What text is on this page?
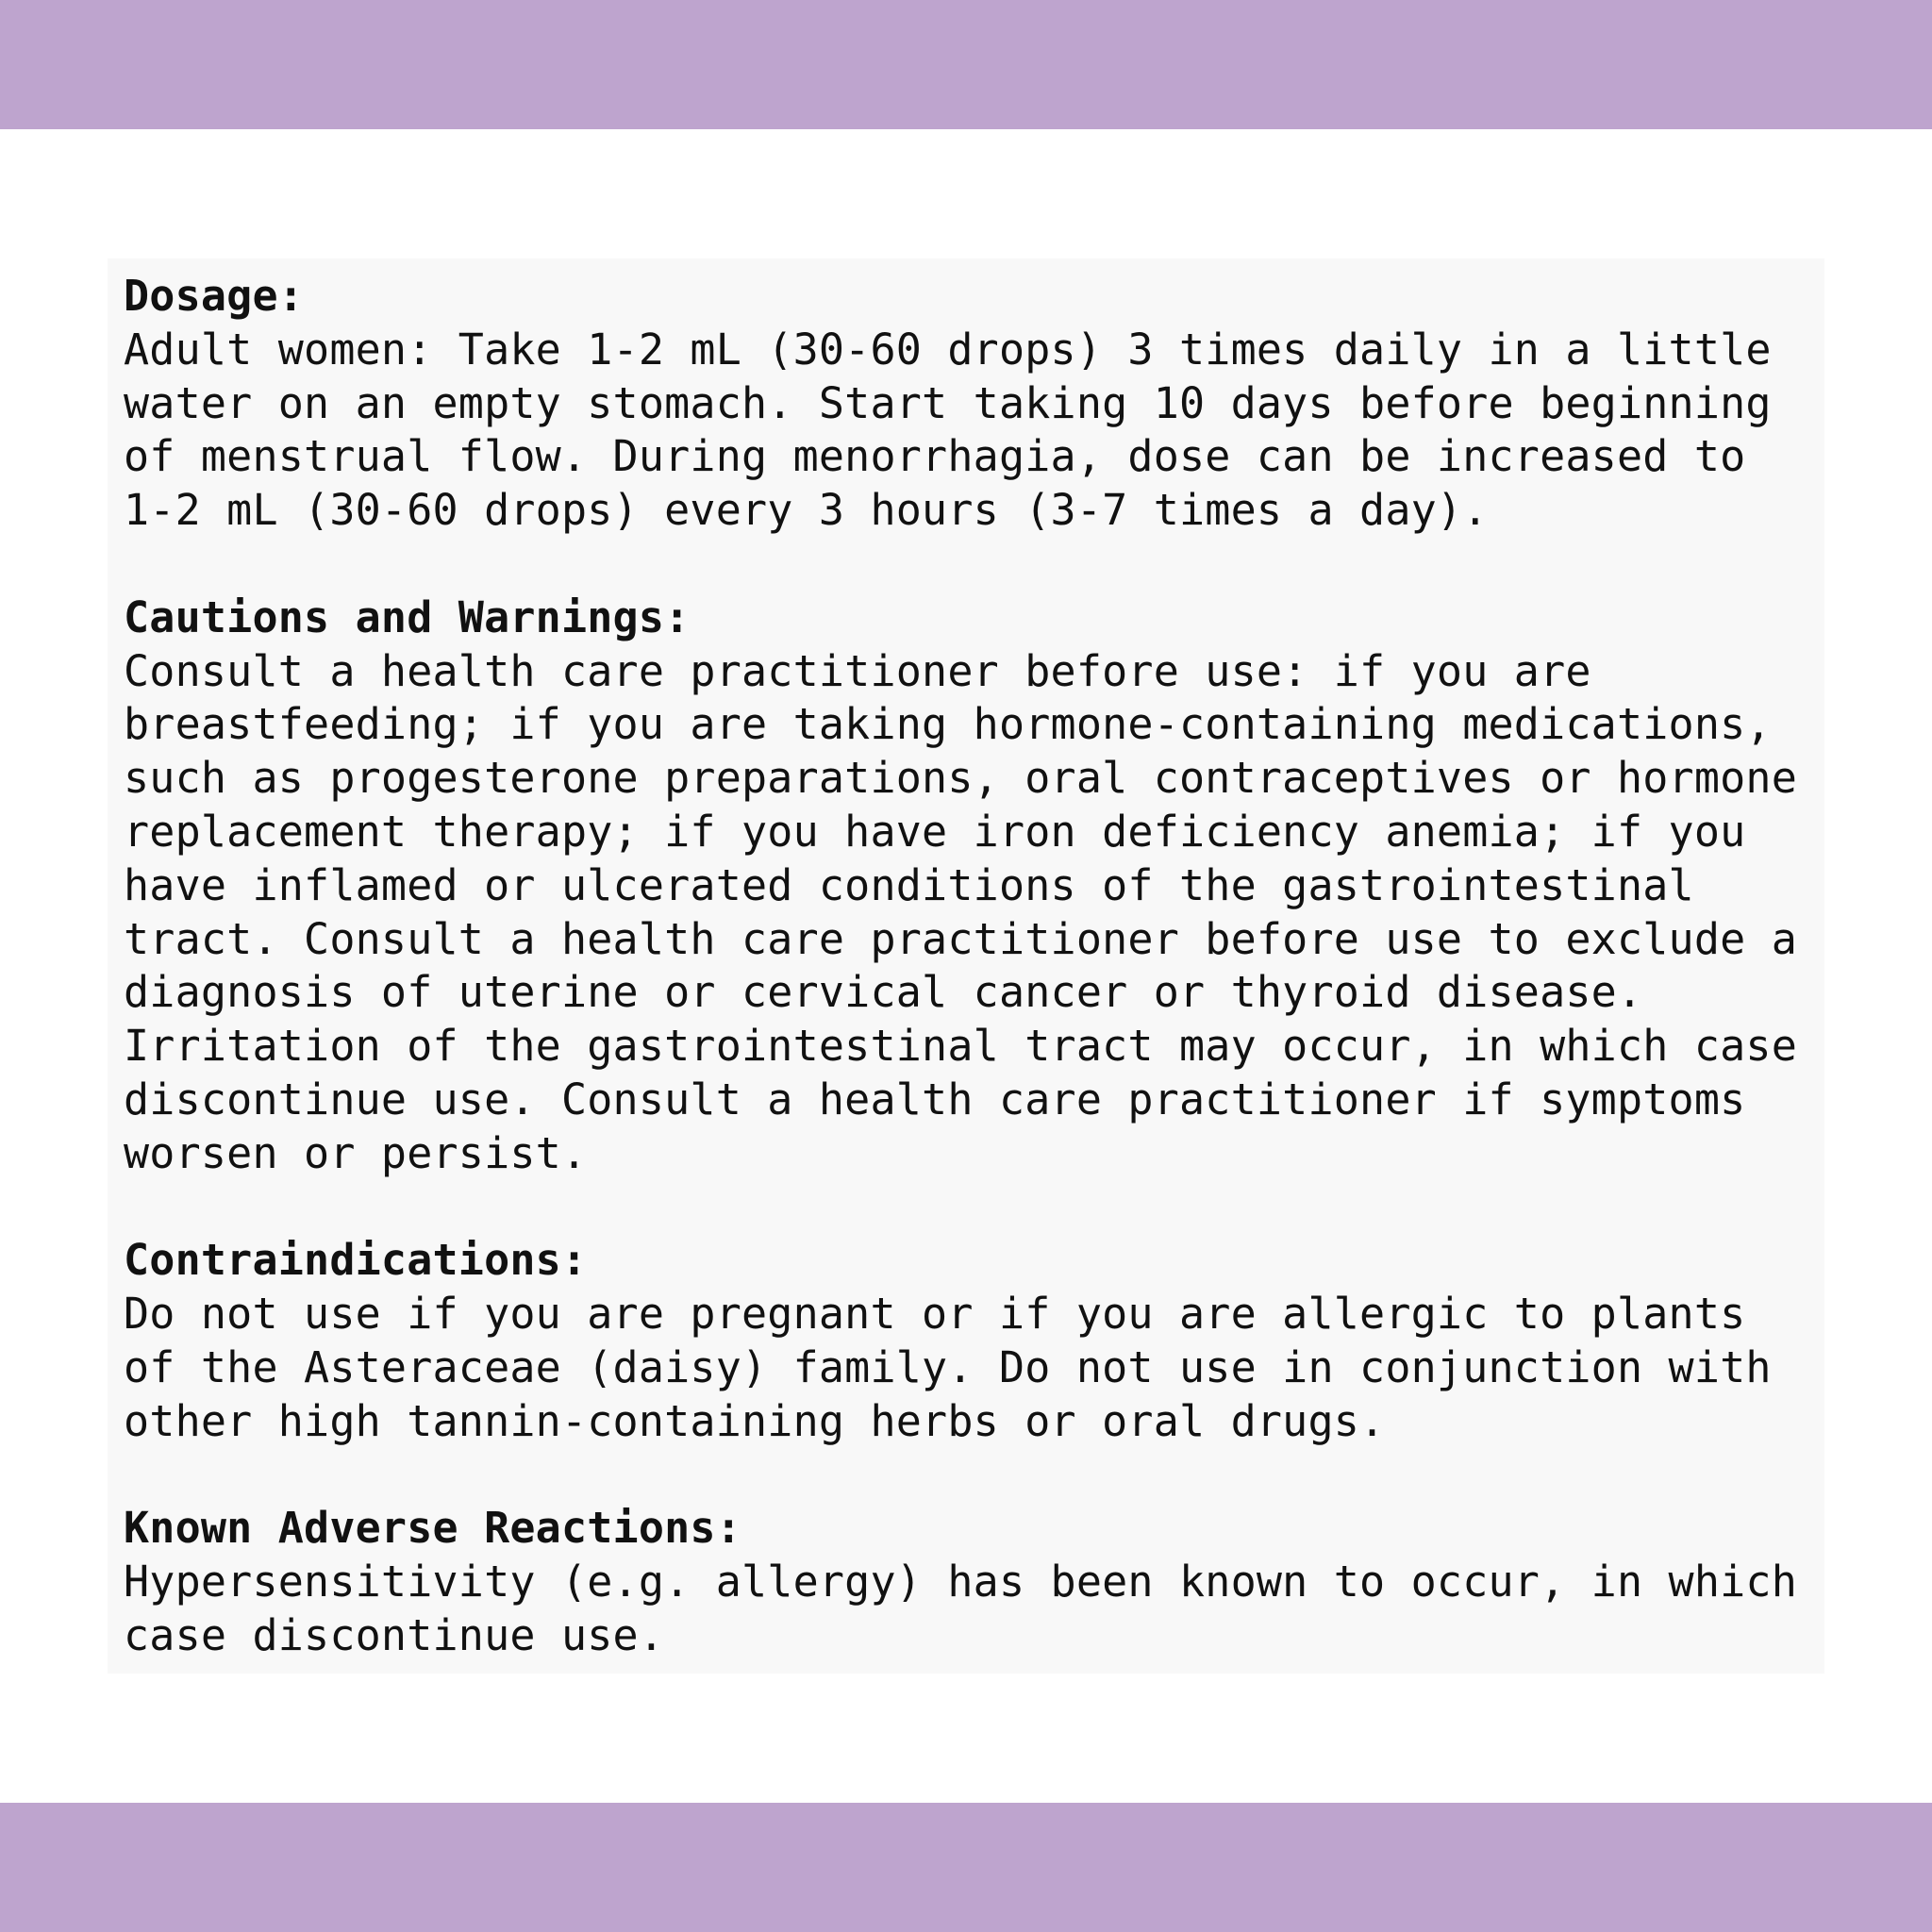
Dosage:
Adult women: Take 1-2 mL (30-60 drops) 3 times daily in a little
water on an empty stomach. Start taking 10 days before beginning
of menstrual flow. During menorrhagia, dose can be increased to
1-2 mL (30-60 drops) every 3 hours (3-7 times a day).
Cautions and Warnings:
Consult a health care practitioner before use: if you are
breastfeeding; if you are taking hormone-containing medications,
such as progesterone preparations, oral contraceptives or hormone
replacement therapy; if you have iron deficiency anemia; if you
have inflamed or ulcerated conditions of the gastrointestinal
tract. Consult a health care practitioner before use to exclude a
diagnosis of uterine or cervical cancer or thyroid disease.
Irritation of the gastrointestinal tract may occur, in which case
discontinue use. Consult a health care practitioner if symptoms
worsen or persist.
Contraindications:
Do not use if you are pregnant or if you are allergic to plants
of the Asteraceae (daisy) family. Do not use in conjunction with
other high tannin-containing herbs or oral drugs.
Known Adverse Reactions:
Hypersensitivity (e.g. allergy) has been known to occur, in which
case discontinue use.
